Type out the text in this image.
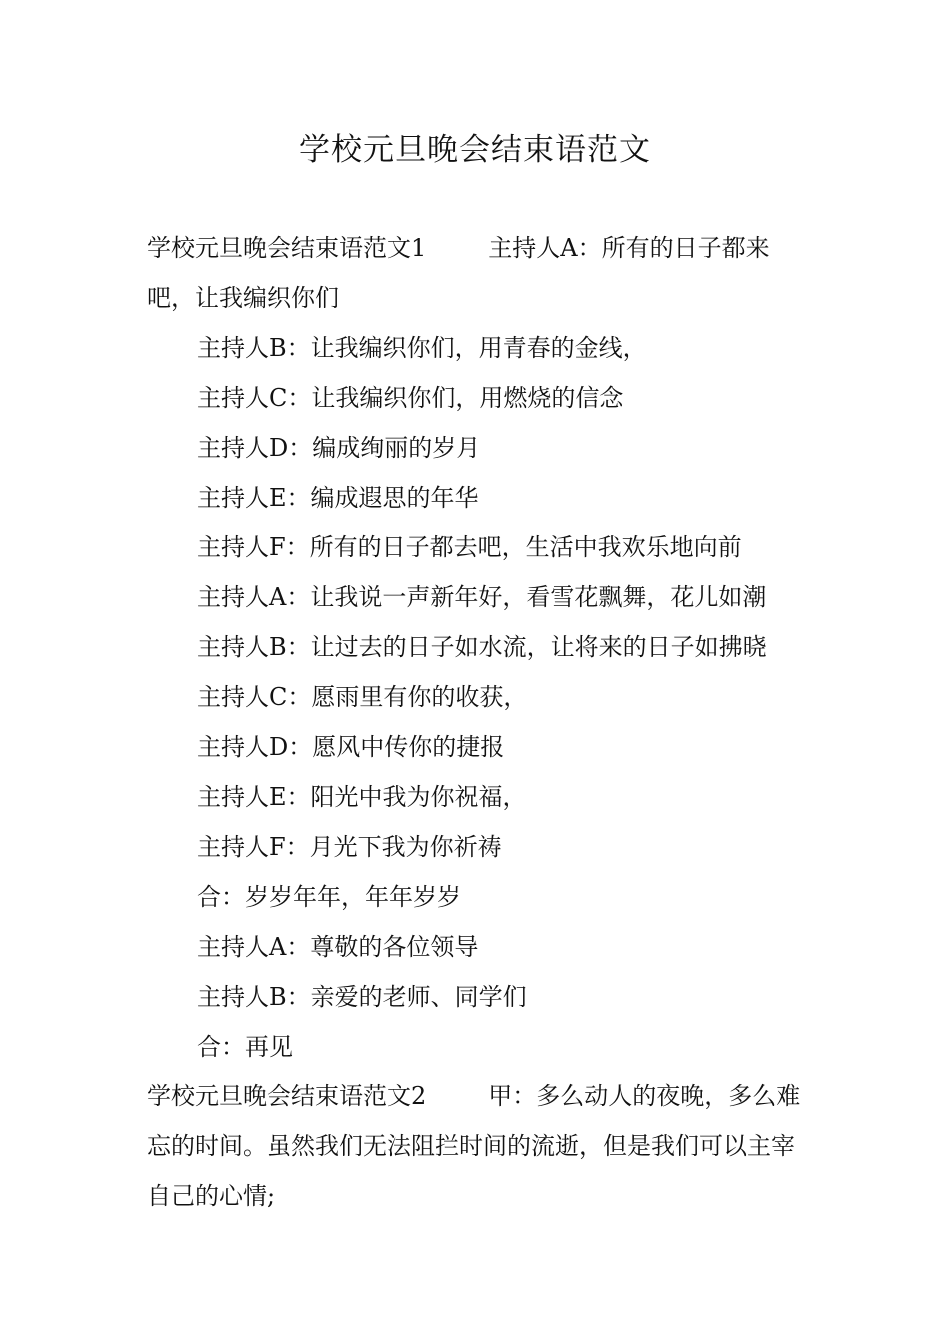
学校元旦晚会结束语范文

学校元旦晚会结束语范文1	主持人A：所有的日子都来吧，让我编织你们

主持人B：让我编织你们，用青春的金线，

主持人C：让我编织你们，用燃烧的信念

主持人D：编成绚丽的岁月

主持人E：编成遐思的年华

主持人F：所有的日子都去吧，生活中我欢乐地向前

主持人A：让我说一声新年好，看雪花飘舞，花儿如潮

主持人B：让过去的日子如水流，让将来的日子如拂晓

主持人C：愿雨里有你的收获，

主持人D：愿风中传你的捷报

主持人E：阳光中我为你祝福，

主持人F：月光下我为你祈祷

合：岁岁年年，年年岁岁

主持人A：尊敬的各位领导

主持人B：亲爱的老师、同学们

合：再见

学校元旦晚会结束语范文2	甲：多么动人的夜晚，多么难忘的时间。虽然我们无法阻拦时间的流逝，但是我们可以主宰自己的心情;
